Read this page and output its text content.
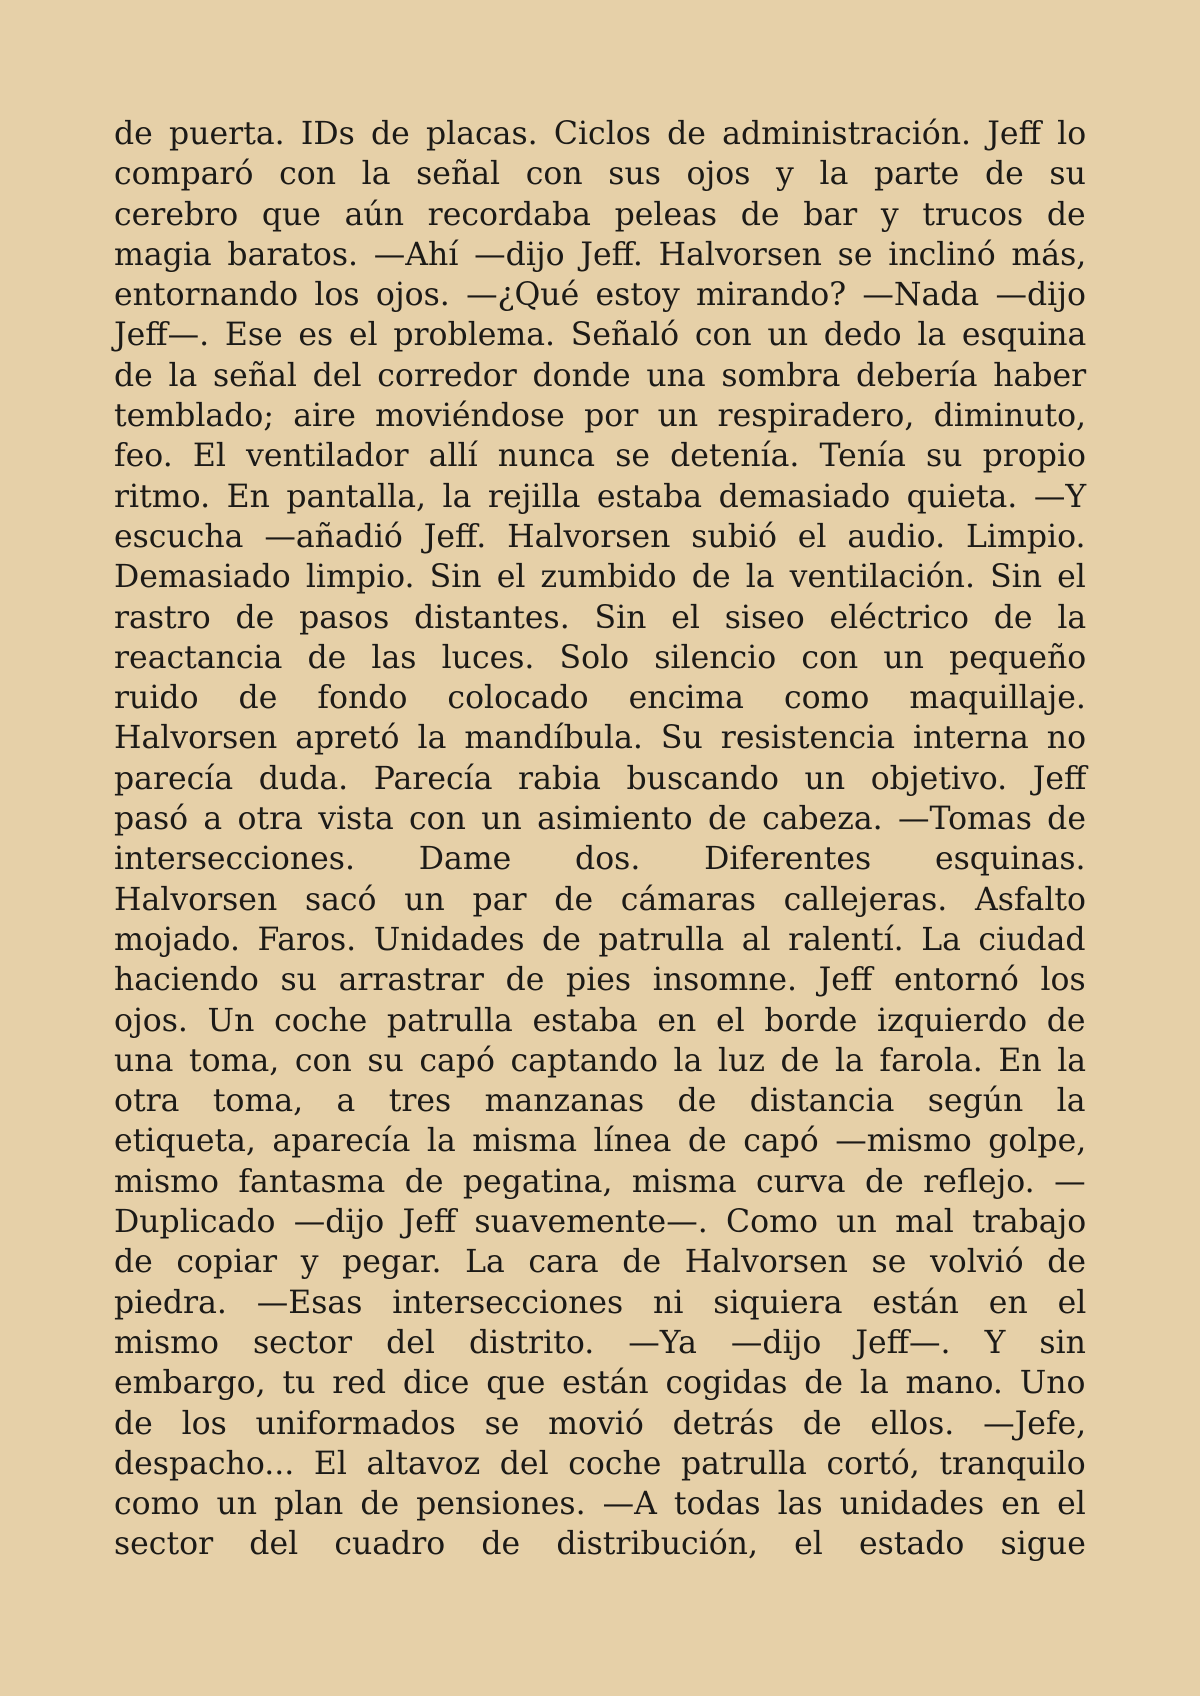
de puerta. IDs de placas. Ciclos de administración. Jeff lo
comparó con la señal con sus ojos y la parte de su
cerebro que aún recordaba peleas de bar y trucos de
magia baratos. —Ahí —dijo Jeff. Halvorsen se inclinó más,
entornando los ojos. —¿Qué estoy mirando? —Nada —dijo
Jeff—. Ese es el problema. Señaló con un dedo la esquina
de la señal del corredor donde una sombra debería haber
temblado; aire moviéndose por un respiradero, diminuto,
feo. El ventilador allí nunca se detenía. Tenía su propio
ritmo. En pantalla, la rejilla estaba demasiado quieta. —Y
escucha —añadió Jeff. Halvorsen subió el audio. Limpio.
Demasiado limpio. Sin el zumbido de la ventilación. Sin el
rastro de pasos distantes. Sin el siseo eléctrico de la
reactancia de las luces. Solo silencio con un pequeño
ruido de fondo colocado encima como maquillaje.
Halvorsen apretó la mandíbula. Su resistencia interna no
parecía duda. Parecía rabia buscando un objetivo. Jeff
pasó a otra vista con un asimiento de cabeza. —Tomas de
intersecciones. Dame dos. Diferentes esquinas.
Halvorsen sacó un par de cámaras callejeras. Asfalto
mojado. Faros. Unidades de patrulla al ralentí. La ciudad
haciendo su arrastrar de pies insomne. Jeff entornó los
ojos. Un coche patrulla estaba en el borde izquierdo de
una toma, con su capó captando la luz de la farola. En la
otra toma, a tres manzanas de distancia según la
etiqueta, aparecía la misma línea de capó —mismo golpe,
mismo fantasma de pegatina, misma curva de reflejo. —
Duplicado —dijo Jeff suavemente—. Como un mal trabajo
de copiar y pegar. La cara de Halvorsen se volvió de
piedra. —Esas intersecciones ni siquiera están en el
mismo sector del distrito. —Ya —dijo Jeff—. Y sin
embargo, tu red dice que están cogidas de la mano. Uno
de los uniformados se movió detrás de ellos. —Jefe,
despacho... El altavoz del coche patrulla cortó, tranquilo
como un plan de pensiones. —A todas las unidades en el
sector del cuadro de distribución, el estado sigue
